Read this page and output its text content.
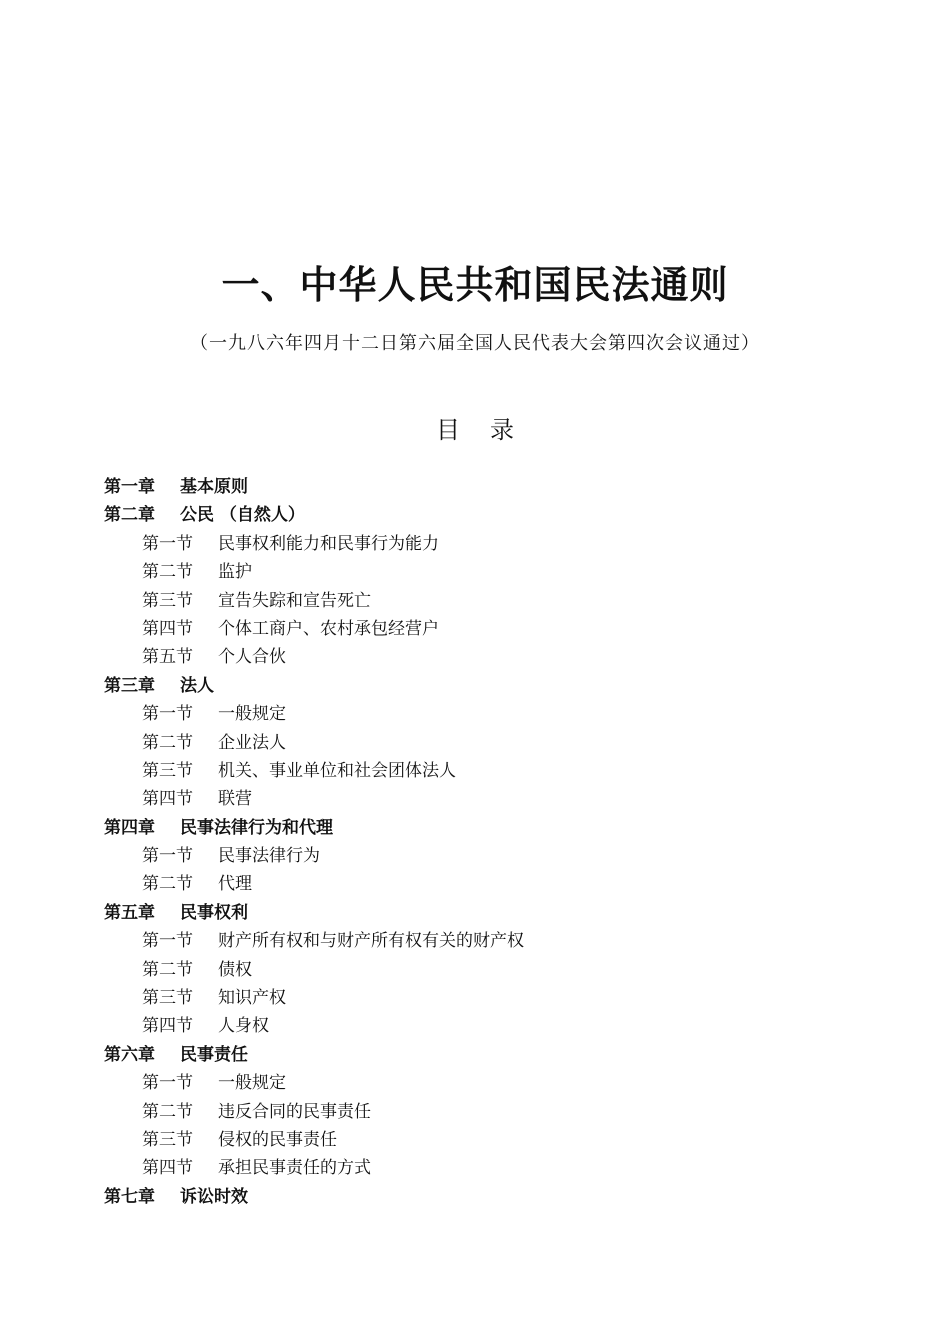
一、中华人民共和国民法通则
（一九八六年四月十二日第六届全国人民代表大会第四次会议通过）
目 录
第一章 基本原则
第二章 公民 （自然人）
第一节 民事权利能力和民事行为能力
第二节 监护
第三节 宣告失踪和宣告死亡
第四节 个体工商户、农村承包经营户
第五节 个人合伙
第三章 法人
第一节 一般规定
第二节 企业法人
第三节 机关、事业单位和社会团体法人
第四节 联营
第四章 民事法律行为和代理
第一节 民事法律行为
第二节 代理
第五章 民事权利
第一节 财产所有权和与财产所有权有关的财产权
第二节 债权
第三节 知识产权
第四节 人身权
第六章 民事责任
第一节 一般规定
第二节 违反合同的民事责任
第三节 侵权的民事责任
第四节 承担民事责任的方式
第七章 诉讼时效
